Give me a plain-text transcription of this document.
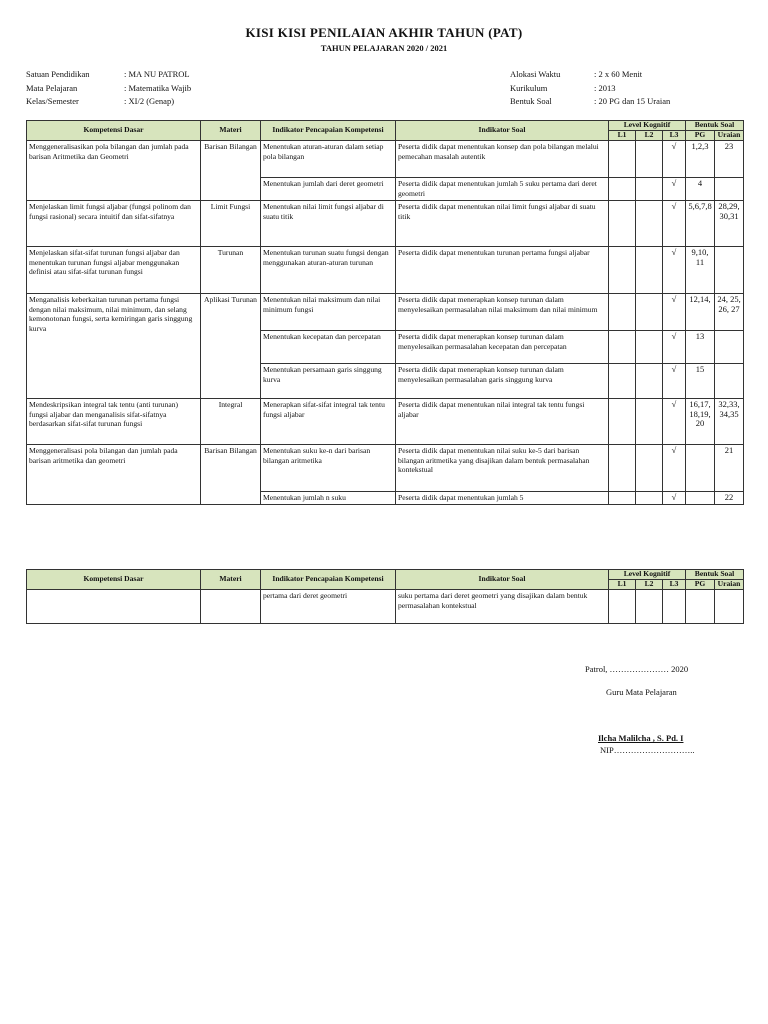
KISI KISI PENILAIAN AKHIR TAHUN (PAT)
TAHUN PELAJARAN 2020 / 2021
Satuan Pendidikan	: MA NU PATROL
Mata Pelajaran	: Matematika Wajib
Kelas/Semester	: XI/2 (Genap)
Alokasi Waktu	: 2 x 60 Menit
Kurikulum	: 2013
Bentuk Soal	: 20 PG dan 15 Uraian
Kompetensi Dasar	Materi	Indikator Pencapaian Kompetensi	Indikator Soal	Level Kognitif			Bentuk Soal	
				L1	L2	L3	PG	Uraian
Menggeneralisasikan pola bilangan dan jumlah pada barisan Aritmetika dan Geometri	Barisan Bilangan	Menentukan aturan-aturan dalam setiap pola bilangan	Peserta didik dapat menentukan konsep dan pola bilangan melalui pemecahan masalah autentik			√	1,2,3	23
		Menentukan jumlah dari deret geometri	Peserta didik dapat menentukan jumlah 5 suku pertama dari deret geometri			√	4	
Menjelaskan limit fungsi aljabar (fungsi polinom dan fungsi rasional) secara intuitif dan sifat-sifatnya	Limit Fungsi	Menentukan nilai limit fungsi aljabar di suatu titik	Peserta didik dapat menentukan nilai limit fungsi aljabar di suatu titik			√	5,6,7,8	28,29, 30,31
Menjelaskan sifat-sifat turunan fungsi aljabar dan menentukan turunan fungsi aljabar menggunakan definisi atau sifat-sifat turunan fungsi	Turunan	Menentukan turunan suatu fungsi dengan menggunakan aturan-aturan turunan	Peserta didik dapat menentukan turunan pertama fungsi aljabar			√	9,10, 11	
Menganalisis keberkaitan turunan pertama fungsi dengan nilai maksimum, nilai minimum, dan selang kemonotonan fungsi, serta kemiringan garis singgung kurva	Aplikasi Turunan	Menentukan nilai maksimum dan nilai minimum fungsi	Peserta didik dapat menerapkan konsep turunan dalam menyelesaikan permasalahan nilai maksimum dan nilai minimum			√	12,14,	24, 25, 26, 27
		Menentukan kecepatan dan percepatan	Peserta didik dapat menerapkan konsep turunan dalam menyelesaikan permasalahan kecepatan dan percepatan			√	13	
		Menentukan persamaan garis singgung kurva	Peserta didik dapat menerapkan konsep turunan dalam menyelesaikan permasalahan garis singgung kurva			√	15	
Mendeskripsikan integral tak tentu (anti turunan) fungsi aljabar dan menganalisis sifat-sifatnya berdasarkan sifat-sifat turunan fungsi	Integral	Menerapkan sifat-sifat integral tak tentu fungsi aljabar	Peserta didik dapat menentukan nilai integral tak tentu fungsi aljabar			√	16,17, 18,19, 20	32,33, 34,35
Menggeneralisasi pola bilangan dan jumlah pada barisan aritmetika dan geometri	Barisan Bilangan	Menentukan suku ke-n dari barisan bilangan aritmetika	Peserta didik dapat menentukan nilai suku ke-5 dari barisan bilangan aritmetika yang disajikan dalam bentuk permasalahan kontekstual			√		21
		Menentukan jumlah n suku	Peserta didik dapat menentukan jumlah 5			√		22
Kompetensi Dasar	Materi	Indikator Pencapaian Kompetensi	Indikator Soal	Level Kognitif			Bentuk Soal	
				L1	L2	L3	PG	Uraian
		pertama dari deret geometri	suku pertama dari deret geometri yang disajikan dalam bentuk permasalahan kontekstual					
Patrol, ………………… 2020
Guru Mata Pelajaran
Ilcha Malilcha , S. Pd. I
NIP………………………..
